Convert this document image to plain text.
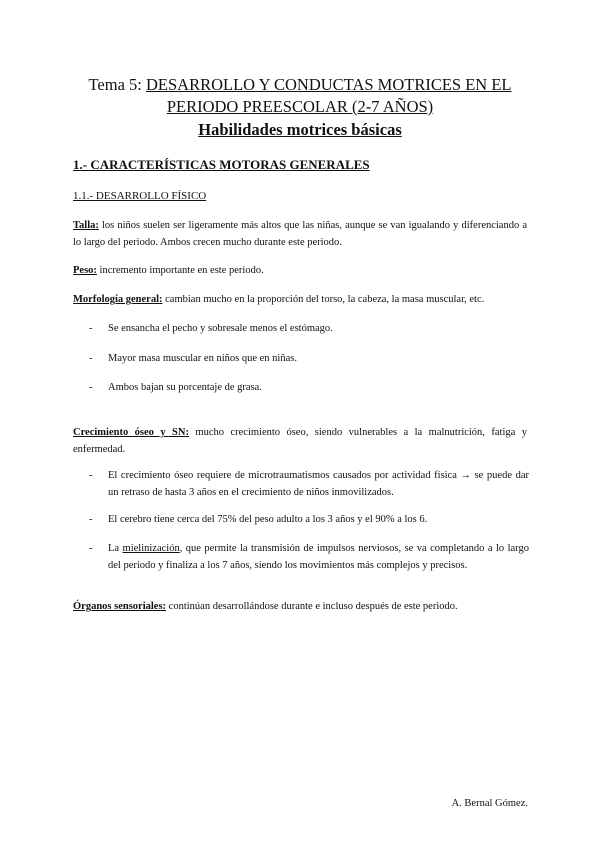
Tema 5: DESARROLLO Y CONDUCTAS MOTRICES EN EL
PERIODO PREESCOLAR (2-7 AÑOS)
Habilidades motrices básicas
1.- CARACTERÍSTICAS MOTORAS GENERALES
1.1.- DESARROLLO FÍSICO
Talla: los niños suelen ser ligeramente más altos que las niñas, aunque se van igualando y diferenciando a lo largo del periodo. Ambos crecen mucho durante este periodo.
Peso: incremento importante en este periodo.
Morfología general: cambian mucho en la proporción del torso, la cabeza, la masa muscular, etc.
- Se ensancha el pecho y sobresale menos el estómago.
- Mayor masa muscular en niños que en niñas.
- Ambos bajan su porcentaje de grasa.
Crecimiento óseo y SN: mucho crecimiento óseo, siendo vulnerables a la malnutrición, fatiga y enfermedad.
- El crecimiento óseo requiere de microtraumatismos causados por actividad física → se puede dar un retraso de hasta 3 años en el crecimiento de niños inmovilizados.
- El cerebro tiene cerca del 75% del peso adulto a los 3 años y el 90% a los 6.
- La mielinización, que permite la transmisión de impulsos nerviosos, se va completando a lo largo del periodo y finaliza a los 7 años, siendo los movimientos más complejos y precisos.
Órganos sensoriales: continúan desarrollándose durante e incluso después de este periodo.
A. Bernal Gómez.
